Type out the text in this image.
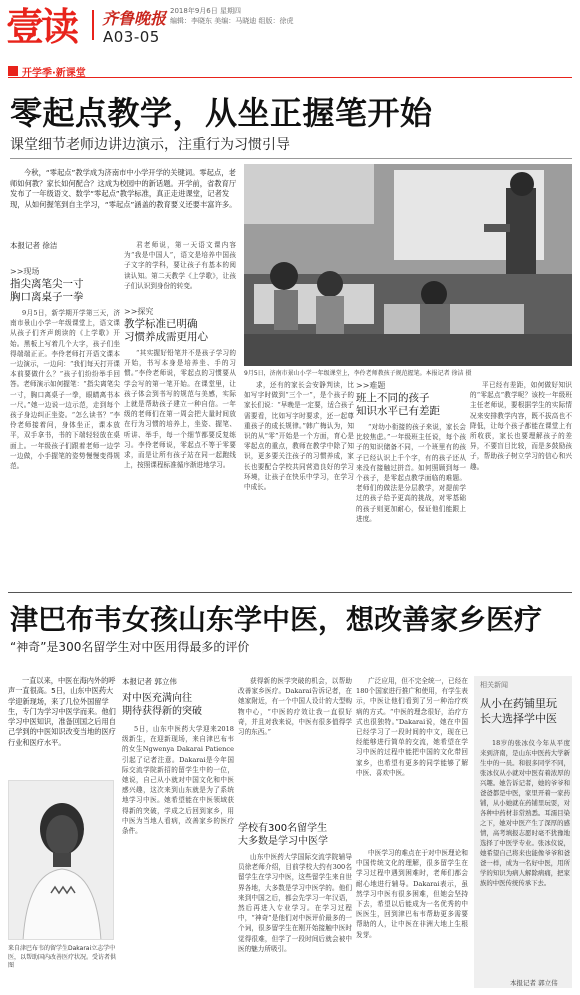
壹读	齐鲁晚报 2018年9月6日 星期四
编辑：李晓东 美编：马晓迪 组版：徐虎
A03-05
开学季·新课堂
零起点教学，从坐正握笔开始
课堂细节老师边讲边演示，注重行为习惯引导
今秋，“零起点”教学成为济南市中小学开学的关键词。零起点，老师如何教？家长如何配合？这成为校园中的新话题。开学前，省教育厅发布了一年级语文、数学“零起点”教学标准，真正走进课堂，记者发现，从如何握笔到自主学习，“零起点”涵盖的教育要义还要丰富许多。
本报记者 徐洁
>>现场
指尖离笔尖一寸
胸口离桌子一拳
9月5日，新学期开学第三天，济南市景山小学一年级课堂上，语文课从孩子们齐声朗读的《上学歌》开始。黑板上写着几个大字，孩子们坐得端端正正。李伶老师打开语文课本一边演示，一边问：“我们每天打开课本前要做什么？”孩子们纷纷举手回答。老师演示如何握笔：“指尖离笔尖一寸，胸口离桌子一拳，眼睛离书本一尺。”她一边说一边示范，走到每个孩子身边纠正坐姿。“怎么读书？”李伶老师接着问，身体坐正，课本放平，双手拿书，书的下端轻轻放在桌面上。一年级孩子们跟着老师一边学一边做，小手握笔的姿势慢慢变得规范。
君老师说，第一天语文课内容为“我是中国人”，语文是培养中国孩子文字的学科，要让孩子有基本的阅读认知。第二天教学《上学歌》，让孩子们认识到身份的转变。
>>探究
教学标准已明确
习惯养成需更用心
“其实握好铅笔并不是孩子学习的开始，书写本身是培养坐、手的习惯。”李伶老师说，零起点的习惯要从学会写的第一笔开始。在课堂里，让孩子体会到书写的规范与美感，实际上就是帮助孩子建立一种自信。一年级的老师们在第一周会把大量时间放在行为习惯的培养上，坐姿、握笔、听讲、举手，每一个细节都要反复练习。李伶老师说，零起点不等于零要求，而是让所有孩子站在同一起跑线上，按照课程标准循序渐进地学习。
9月5日，济南市景山小学一年级课堂上，李伶老师教孩子规范握笔。本报记者 徐洁 摄
求，还有的家长会安静判读，比如写字时做到“三个一”，是个孩子的家长们说：“早晚是一定要，适合孩子需要看，比如写字时要求，还一起尊重孩子的成长规律。”韩广梅认为，知识的从“零”开始是一个方面，育心是零起点的重点，教师在教学中除了知识，更多要关注孩子的习惯养成，家长也要配合学校共同营造良好的学习环境，让孩子在快乐中学习，在学习中成长。
>>难题
班上不同的孩子
知识水平已有差距
“对幼小衔接的孩子来说，家长会比较焦虑。”一年级班主任说，每个孩子的知识储备不同，一个班里有的孩子已经认识上千个字，有的孩子还从来没有接触过拼音。如何照顾到每一个孩子，是零起点教学面临的难题。老师们的做法是分层教学，对提前学过的孩子给予更高的挑战，对零基础的孩子则更加耐心，保证他们能跟上进度。
平已经有差距，如何做好知识的“零起点”教学呢？该校一年级班主任老师说，要根据学生的实际情况来安排教学内容，既不拔高也不降低，让每个孩子都能在课堂上有所收获，家长也要理解孩子的差异，不要盲目比较，而是多鼓励孩子，帮助孩子树立学习的信心和兴趣。
津巴布韦女孩山东学中医，想改善家乡医疗
“神奇”是300名留学生对中医用得最多的评价
一直以来，中医在海内外的呼声一直很高。5日，山东中医药大学迎新现场，来了几位外国留学生，专门为学习中医学而来。他们学习中医知识，准备回国之后用自己学到的中医知识改变当地的医疗行业和医疗水平。
来自津巴布韦的留学生Dakarai立志学中医，以帮助国内改善医疗状况。受访者供图
本报记者 郭立伟
对中医充满向往
期待获得新的突破
5日，山东中医药大学迎来2018级新生，在迎新现场，来自津巴布韦的女生Ngwenya Dakarai Patience引起了记者注意。Dakarai是今年国际交流学院新招的留学生中的一位，她说，自己从小就对中国文化和中医感兴趣，这次来到山东就是为了系统地学习中医。她希望能在中医领域获得新的突破，学成之后回到家乡，用中医为当地人看病，改善家乡的医疗条件。
获得新的医学突破的机会，以帮助改善家乡医疗。Dakarai告诉记者，在她家附近，有一个中国人设计的大型购物中心，“中医的疗效让我一直很好奇，并且对我来说，中医有很多值得学习的东西。”
学校有300名留学生
大多数是学习中医学
山东中医药大学国际交流学院辅导员徐老师介绍，目前学校大约有300名留学生在学习中医，这些留学生来自世界各地，大多数是学习中医学的。他们来到中国之后，都会先学习一年汉语，然后再进入专业学习。在学习过程中，“神奇”是他们对中医评价最多的一个词，很多留学生在刚开始接触中医时觉得很难，但学了一段时间后就会被中医的魅力所吸引。
广泛应用，但不完全统一，已经在180个国家进行推广和使用，有学生表示，中医让他们看到了另一种治疗疾病的方式。“中医的理念很好，治疗方式也很独特。”Dakarai说，她在中国已经学习了一段时间的中文，现在已经能够进行简单的交流，她希望在学习中医的过程中能把中国的文化带回家乡，也希望有更多的同学能够了解中医、喜欢中医。
中医学习的难点在于对中医理论和中国传统文化的理解，很多留学生在学习过程中遇到困难时，老师们都会耐心地进行辅导。Dakarai表示，虽然学习中医有很多困难，但她会坚持下去，希望以后能成为一名优秀的中医医生，回到津巴布韦帮助更多需要帮助的人，让中医在非洲大地上生根发芽。
相关新闻
从小在药铺里玩
长大选择学中医
18岁的张冰仪今年从平度来到济南，是山东中医药大学新生中的一员。和很多同学不同，张冰仪从小就对中医有着浓厚的兴趣。她告诉记者，她的爷爷和爸爸都是中医，家里开着一家药铺，从小她就在药铺里玩耍，对各种中药材非常熟悉。耳濡目染之下，她对中医产生了深厚的感情，高考填报志愿时毫不犹豫地选择了中医学专业。张冰仪说，她希望自己将来也能像爷爷和爸爸一样，成为一名好中医，用所学的知识为病人解除病痛，把家族的中医传统传承下去。
本报记者 郭立伟
